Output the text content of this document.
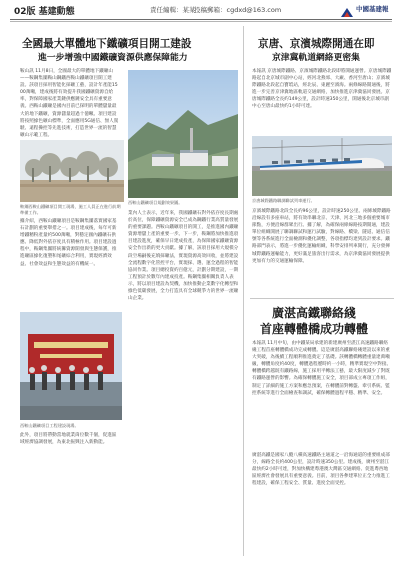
02版 基建動態	責任編輯：某某
投稿郵箱：cgdxd@163.com	中國基建報
全國最大單體地下鐵礦項目開工建設
進一步增強中國鐵礦資源供應保障能力
鞍山訊 11月8日，全國最大的單體地下鐵礦山——鞍鋼集團鞍山鋼鐵西鞍山鐵礦項目開工建設。該項目採用智能化採礦工藝，設計年產能1500萬噸，建成後將有效提升我國鐵礦資源自給率，對保障國家產業鏈供應鏈安全具有重要意義。西鞍山鐵礦是國內目前已探明的單體儲量最大的地下鐵礦，資源儲量超過十億噸。項目建設將按照綠色礦山標準，全面應用5G通信、無人駕駛、遠程操控等先進技術，打造世界一流的智慧礦山示範工程。
鞍鋼西鞍山鐵礦項目開工現場，施工人員正在進行前期準備工作。
據介紹，西鞍山鐵礦項目是鞍鋼集團落實國家基石計劃的重要舉措之一。項目建成後，每年可新增鐵精粉產量約500萬噸，對穩定國內鐵礦石供應、降低對外依存度具有積極作用。項目建設過程中，鞍鋼集團將統籌資源開發與生態保護，推進礦區綠化復墾和尾礦綜合利用，實現經濟效益、社會效益和生態效益的有機統一。
西鞍山鐵礦項目工程建設現場。
此外，項目將帶動當地就業崗位數千個，促進區域經濟協調發展，為東北振興注入新動能。
西鞍山鐵礦項目規劃效果圖。
業內人士表示，近年來，我國鐵礦石對外依存度長期處於高位，保障鐵礦資源安全已成為鋼鐵行業高質量發展的重要課題。西鞍山鐵礦項目的開工，是推進國內鐵礦資源增儲上產的重要一步。下一步，鞍鋼將加快推進項目建設進度，確保早日建成投產，為保障國家鐵礦資源安全作出新的更大貢獻。據了解，該項目採用大規模分段空場嗣後充填採礦法，實現資源高效回收，並將建設全流程數字化管控平台，實現採、選、運全過程的智能協同作業。項目總投資約百億元，計劃分期建設，一期工程預計於數年內建成投產。鞍鋼集團相關負責人表示，將以項目建設為契機，加快推動企業數字化轉型和綠色低碳發展，全力打造具有全球競爭力的世界一流礦山企業。
京唐、京濱城際開通在即
京津冀軌道網絡更密集
本報訊 京唐城際鐵路、京濱城際鐵路北段即將開通運營。京唐城際鐵路起自北京城市副中心站，經河北燕郊、大廠、香河至唐山；京濱城際鐵路北段起自寶坻站，經北辰、東麗至濱海。兩條線路開通後，將進一步完善京津冀地區軌道交通網絡，加快推進京津冀協同發展。京唐城際鐵路全長約149公里，設計時速350公里，開通後北京城市副中心至唐山最快約1小時可達。
京唐城際鐵路聯調聯試列車運行。
京濱城際鐵路北段全長約96公里，設計時速250公里。兩條城際鐵路沿線設有多座車站，將有效串聯北京、天津、河北三地多個重要城市節點，方便沿線群眾出行。據了解，為確保兩條線路按期開通，建設單位組織開展了聯調聯試和運行試驗，對線路、橋梁、隧道、通信信號等各系統進行全面檢測和優化調整，各項指標均達到設計要求。鐵路部門表示，將進一步優化運輸組織，科學安排列車開行，充分發揮城際鐵路運輸能力，更好滿足旅客出行需求，為京津冀協同發展提供更加有力的交通運輸保障。
廣湛高鐵聯絡綫
首座轉體橋成功轉體
本報訊 11月中旬，由中鐵某局承建的新建廣州至湛江高速鐵路聯絡綫工程首座轉體橋成功完成轉體。這是廣湛高鐵聯絡綫建設以來的重大突破，為後續工程順利推進奠定了基礎。該轉體橋轉體重量達萬噸級，轉體角度約40度，轉體過程歷時約一小時，精準實現空中對接。轉體橋跨越既有鐵路線，施工採用平轉法工藝，最大限度減少了對既有鐵路運營的影響。為確保轉體施工安全，項目部成立專項工作組，制定了詳細的施工方案和應急預案，在轉體前對轉盤、牽引系統、監控系統等進行全面檢查和調試，確保轉體過程平穩、精準、安全。
廣湛高鐵是國家八縱八橫高速鐵路主通道之一沿海通道的重要組成部分，線路全長約400公里，設計時速350公里。建成後，廣州至湛江最快約2小時可達，對加快構建粵港澳大灣區交通網絡、促進粵西地區經濟社會發展具有重要意義。目前，項目各參建單位正全力推進工程建設，確保工程安全、質量、進度全面受控。
